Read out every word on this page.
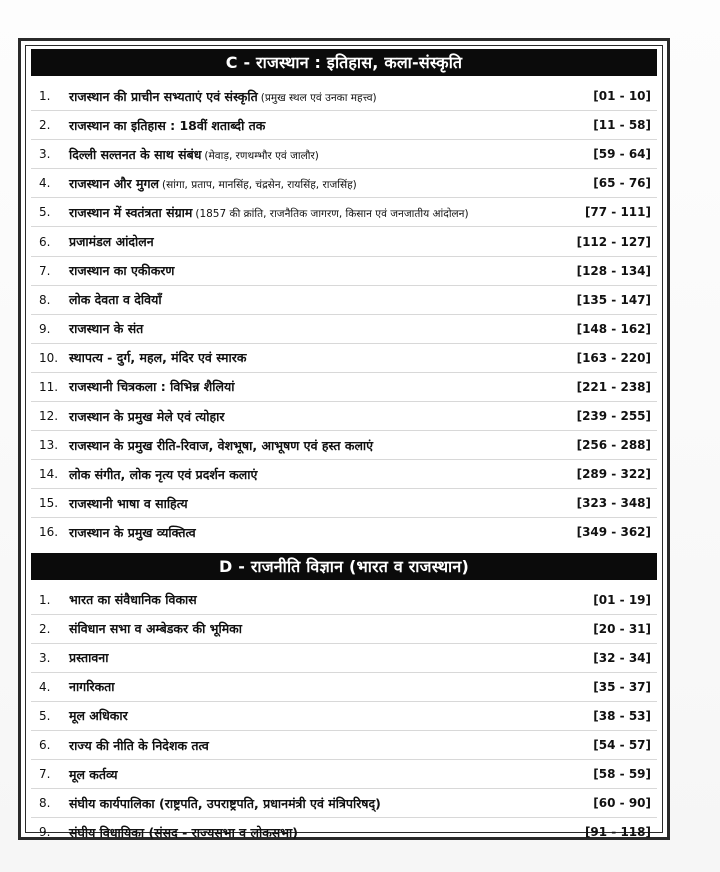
C - राजस्थान : इतिहास, कला-संस्कृति
1.	राजस्थान की प्राचीन सभ्यताएं एवं संस्कृति (प्रमुख स्थल एवं उनका महत्त्व)	[01 - 10]
2.	राजस्थान का इतिहास : 18वीं शताब्दी तक	[11 - 58]
3.	दिल्ली सल्तनत के साथ संबंध (मेवाड़, रणथम्भौर एवं जालौर)	[59 - 64]
4.	राजस्थान और मुगल (सांगा, प्रताप, मानसिंह, चंद्रसेन, रायसिंह, राजसिंह)	[65 - 76]
5.	राजस्थान में स्वतंत्रता संग्राम (1857 की क्रांति, राजनैतिक जागरण, किसान एवं जनजातीय आंदोलन)	[77 - 111]
6.	प्रजामंडल आंदोलन	[112 - 127]
7.	राजस्थान का एकीकरण	[128 - 134]
8.	लोक देवता व देवियाँ	[135 - 147]
9.	राजस्थान के संत	[148 - 162]
10. स्थापत्य - दुर्ग, महल, मंदिर एवं स्मारक	[163 - 220]
11. राजस्थानी चित्रकला : विभिन्न शैलियां	[221 - 238]
12. राजस्थान के प्रमुख मेले एवं त्योहार	[239 - 255]
13. राजस्थान के प्रमुख रीति-रिवाज, वेशभूषा, आभूषण एवं हस्त कलाएं	[256 - 288]
14. लोक संगीत, लोक नृत्य एवं प्रदर्शन कलाएं	[289 - 322]
15. राजस्थानी भाषा व साहित्य	[323 - 348]
16. राजस्थान के प्रमुख व्यक्तित्व	[349 - 362]
D - राजनीति विज्ञान (भारत व राजस्थान)
1.	भारत का संवैधानिक विकास	[01 - 19]
2.	संविधान सभा व अम्बेडकर की भूमिका	[20 - 31]
3.	प्रस्तावना	[32 - 34]
4.	नागरिकता	[35 - 37]
5.	मूल अधिकार	[38 - 53]
6.	राज्य की नीति के निदेशक तत्व	[54 - 57]
7.	मूल कर्तव्य	[58 - 59]
8.	संघीय कार्यपालिका (राष्ट्रपति, उपराष्ट्रपति, प्रधानमंत्री एवं मंत्रिपरिषद्)	[60 - 90]
9.	संघीय विधायिका (संसद - राज्यसभा व लोकसभा)	[91 - 118]
